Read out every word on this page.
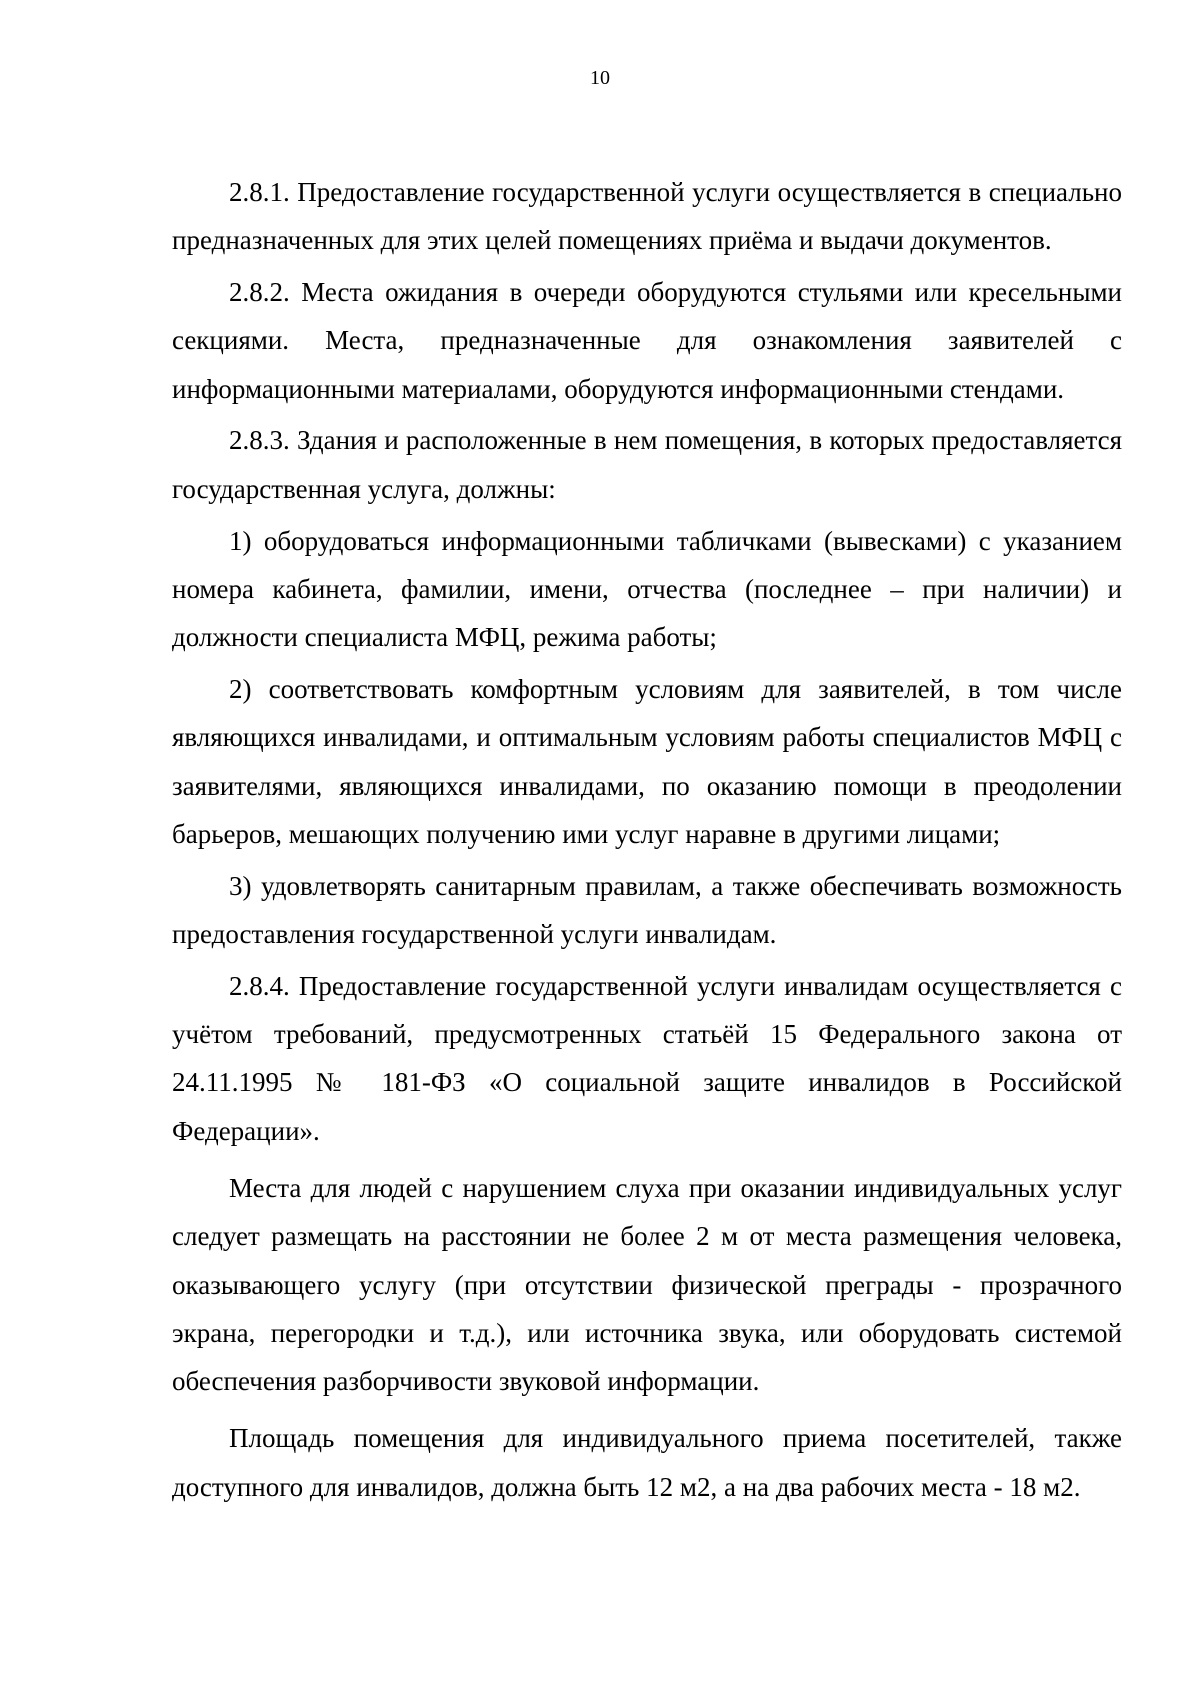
10

2.8.1. Предоставление государственной услуги осуществляется в специально предназначенных для этих целей помещениях приёма и выдачи документов.

2.8.2. Места ожидания в очереди оборудуются стульями или кресельными секциями. Места, предназначенные для ознакомления заявителей с информационными материалами, оборудуются информационными стендами.

2.8.3. Здания и расположенные в нем помещения, в которых предоставляется государственная услуга, должны:

1) оборудоваться информационными табличками (вывесками) с указанием номера кабинета, фамилии, имени, отчества (последнее – при наличии) и должности специалиста МФЦ, режима работы;

2) соответствовать комфортным условиям для заявителей, в том числе являющихся инвалидами, и оптимальным условиям работы специалистов МФЦ с заявителями, являющихся инвалидами, по оказанию помощи в преодолении барьеров, мешающих получению ими услуг наравне в другими лицами;

3) удовлетворять санитарным правилам, а также обеспечивать возможность предоставления государственной услуги инвалидам.

2.8.4. Предоставление государственной услуги инвалидам осуществляется с учётом требований, предусмотренных статьёй 15 Федерального закона от 24.11.1995 № 181-ФЗ «О социальной защите инвалидов в Российской Федерации».

Места для людей с нарушением слуха при оказании индивидуальных услуг следует размещать на расстоянии не более 2 м от места размещения человека, оказывающего услугу (при отсутствии физической преграды - прозрачного экрана, перегородки и т.д.), или источника звука, или оборудовать системой обеспечения разборчивости звуковой информации.

Площадь помещения для индивидуального приема посетителей, также доступного для инвалидов, должна быть 12 м2, а на два рабочих места - 18 м2.
